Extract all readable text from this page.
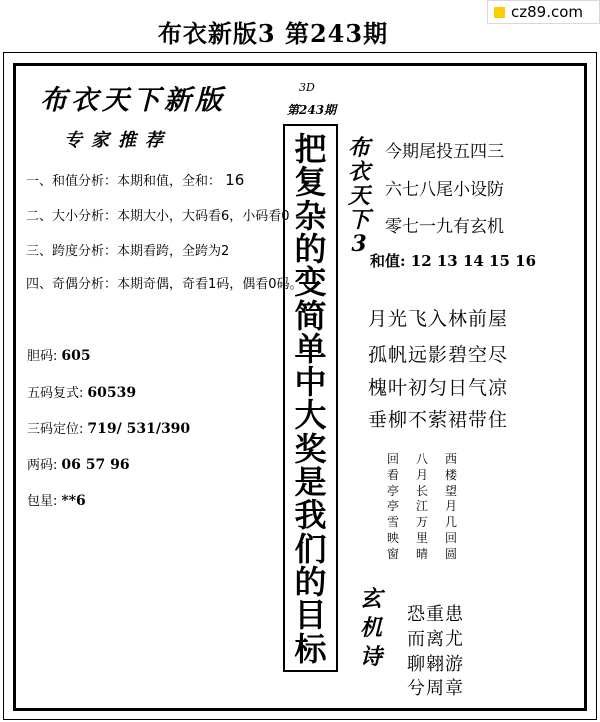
cz89.com
布衣新版3 第243期
布衣天下新版
专家推荐
一、和值分析：本期和值，全和： 16
二、大小分析：本期大小，大码看6，小码看0
三、跨度分析：本期看跨，全跨为2
四、奇偶分析：本期奇偶，奇看1码，偶看0码。
胆码: 605
五码复式: 60539
三码定位: 719/ 531/390
两码: 06 57 96
包星: **6
3D
第243期
把
复
杂
的
变
简
单
中
大
奖
是
我
们
的
目
标
布
衣
天
下
3
今期尾投五四三
六七八尾小设防
零七一九有玄机
和值: 12 13 14 15 16
月光飞入林前屋
孤帆远影碧空尽
槐叶初匀日气凉
垂柳不萦裙带住
回
看
亭
亭
雪
映
窗
八
月
长
江
万
里
晴
西
楼
望
月
几
回
圆
玄
机
诗
恐重患
而离尤
聊翱游
兮周章
